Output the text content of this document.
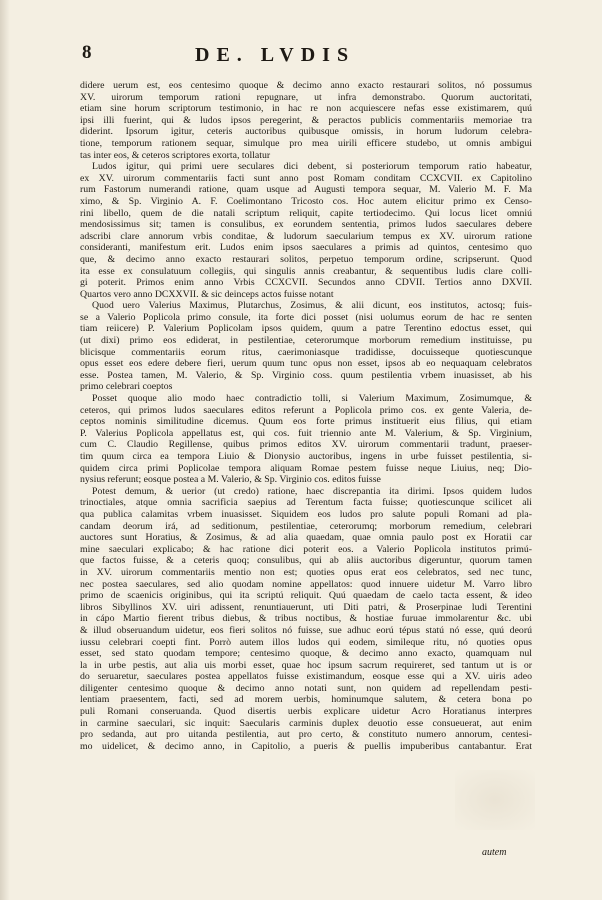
8	DE. LVDIS
didere uerum est, eos centesimo quoque & decimo anno exacto restaurari solitos, nó possumus
XV. uirorum temporum rationi repugnare, ut infra demonstrabo. Quorum auctoritati,
etiam sine horum scriptorum testimonio, in hac re non acquiescere nefas esse existimarem, quú
ipsi illi fuerint, qui & ludos ipsos peregerint, & peractos publicis commentariis memoriae tra
diderint. Ipsorum igitur, ceteris auctoribus quibusque omissis, in horum ludorum celebra-
tione, temporum rationem sequar, simulque pro mea uirili efficere studebo, ut omnis ambigui
tas inter eos, & ceteros scriptores exorta, tollatur
Ludos igitur, qui primi uere seculares dici debent, si posteriorum temporum ratio habeatur,
ex XV. uirorum commentariis facti sunt anno post Romam conditam CCXCVII. ex Capitolino
rum Fastorum numerandi ratione, quam usque ad Augusti tempora sequar, M. Valerio M. F. Ma
ximo, & Sp. Virginio A. F. Coelimontano Tricosto cos. Hoc autem elicitur primo ex Censo-
rini libello, quem de die natali scriptum reliquit, capite tertiodecimo. Qui locus licet omniú
mendosissimus sit; tamen is consulibus, ex eorundem sententia, primos ludos saeculares debere
adscribi clare annorum vrbis conditae, & ludorum saecularium tempus ex XV. uirorum ratione
consideranti, manifestum erit. Ludos enim ipsos saeculares a primis ad quintos, centesimo quo
que, & decimo anno exacto restaurari solitos, perpetuo temporum ordine, scripserunt. Quod
ita esse ex consulatuum collegiis, qui singulis annis creabantur, & sequentibus ludis clare colli-
gi poterit. Primos enim anno Vrbis CCXCVII. Secundos anno CDVII. Tertios anno DXVII.
Quartos vero anno DCXXVII. & sic deinceps actos fuisse notant
Quod uero Valerius Maximus, Plutarchus, Zosimus, & alii dicunt, eos institutos, actosq; fuis-
se a Valerio Poplicola primo consule, ita forte dici posset (nisi uolumus eorum de hac re senten
tiam reiicere) P. Valerium Poplicolam ipsos quidem, quum a patre Terentino edoctus esset, qui
(ut dixi) primo eos ediderat, in pestilentiae, ceterorumque morborum remedium instituisse, pu
blicisque commentariis eorum ritus, caerimoniasque tradidisse, docuisseque quotiescunque
opus esset eos edere debere fieri, uerum quum tunc opus non esset, ipsos ab eo nequaquam celebratos
esse. Postea tamen, M. Valerio, & Sp. Virginio coss. quum pestilentia vrbem inuasisset, ab his
primo celebrari coeptos
Posset quoque alio modo haec contradictio tolli, si Valerium Maximum, Zosimumque, &
ceteros, qui primos ludos saeculares editos referunt a Poplicola primo cos. ex gente Valeria, de-
ceptos nominis similitudine dicemus. Quum eos forte primus instituerit eius filius, qui etiam
P. Valerius Poplicola appellatus est, qui cos. fuit triennio ante M. Valerium, & Sp. Virginium,
cum C. Claudio Regillense, quibus primos editos XV. uirorum commentarii tradunt, praeser-
tim quum circa ea tempora Liuio & Dionysio auctoribus, ingens in urbe fuisset pestilentia, si-
quidem circa primi Poplicolae tempora aliquam Romae pestem fuisse neque Liuius, neq; Dio-
nysius referunt; eosque postea a M. Valerio, & Sp. Virginio cos. editos fuisse
Potest demum, & uerior (ut credo) ratione, haec discrepantia ita dirimi. Ipsos quidem ludos
trinoctiales, atque omnia sacrificia saepius ad Terentum facta fuisse; quotiescunque scilicet ali
qua publica calamitas vrbem inuasisset. Siquidem eos ludos pro salute populi Romani ad pla-
candam deorum irá, ad seditionum, pestilentiae, ceterorumq; morborum remedium, celebrari
auctores sunt Horatius, & Zosimus, & ad alia quaedam, quae omnia paulo post ex Horatii car
mine saeculari explicabo; & hac ratione dici poterit eos. a Valerio Poplicola institutos primú-
que factos fuisse, & a ceteris quoq; consulibus, qui ab aliis auctoribus digeruntur, quorum tamen
in XV. uirorum commentariis mentio non est; quoties opus erat eos celebratos, sed nec tunc,
nec postea saeculares, sed alio quodam nomine appellatos: quod innuere uidetur M. Varro libro
primo de scaenicis originibus, qui ita scriptú reliquit. Quú quaedam de caelo tacta essent, & ideo
libros Sibyllinos XV. uiri adissent, renuntiauerunt, uti Diti patri, & Proserpinae ludi Terentini
in cápo Martio fierent tribus diebus, & tribus noctibus, & hostiae furuae immolarentur &c. ubi
& illud obseruandum uidetur, eos fieri solitos nó fuisse, sue adhuc eorú tépus statú nó esse, quú deorú
iussu celebrari coepti fint. Porrò autem illos ludos qui eodem, simileque ritu, nó quoties opus
esset, sed stato quodam tempore; centesimo quoque, & decimo anno exacto, quamquam nul
la in urbe pestis, aut alia uis morbi esset, quae hoc ipsum sacrum requireret, sed tantum ut is or
do seruaretur, saeculares postea appellatos fuisse existimandum, eosque esse qui a XV. uiris adeo
diligenter centesimo quoque & decimo anno notati sunt, non quidem ad repellendam pesti-
lentiam praesentem, facti, sed ad morem uerbis, hominumque salutem, & cetera bona po
puli Romani conseruanda. Quod disertis uerbis explicare uidetur Acro Horatianus interpres
in carmine saeculari, sic inquit: Saecularis carminis duplex deuotio esse consueuerat, aut enim
pro sedanda, aut pro uitanda pestilentia, aut pro certo, & constituto numero annorum, centesi-
mo uidelicet, & decimo anno, in Capitolio, a pueris & puellis impuberibus cantabantur. Erat
autem
